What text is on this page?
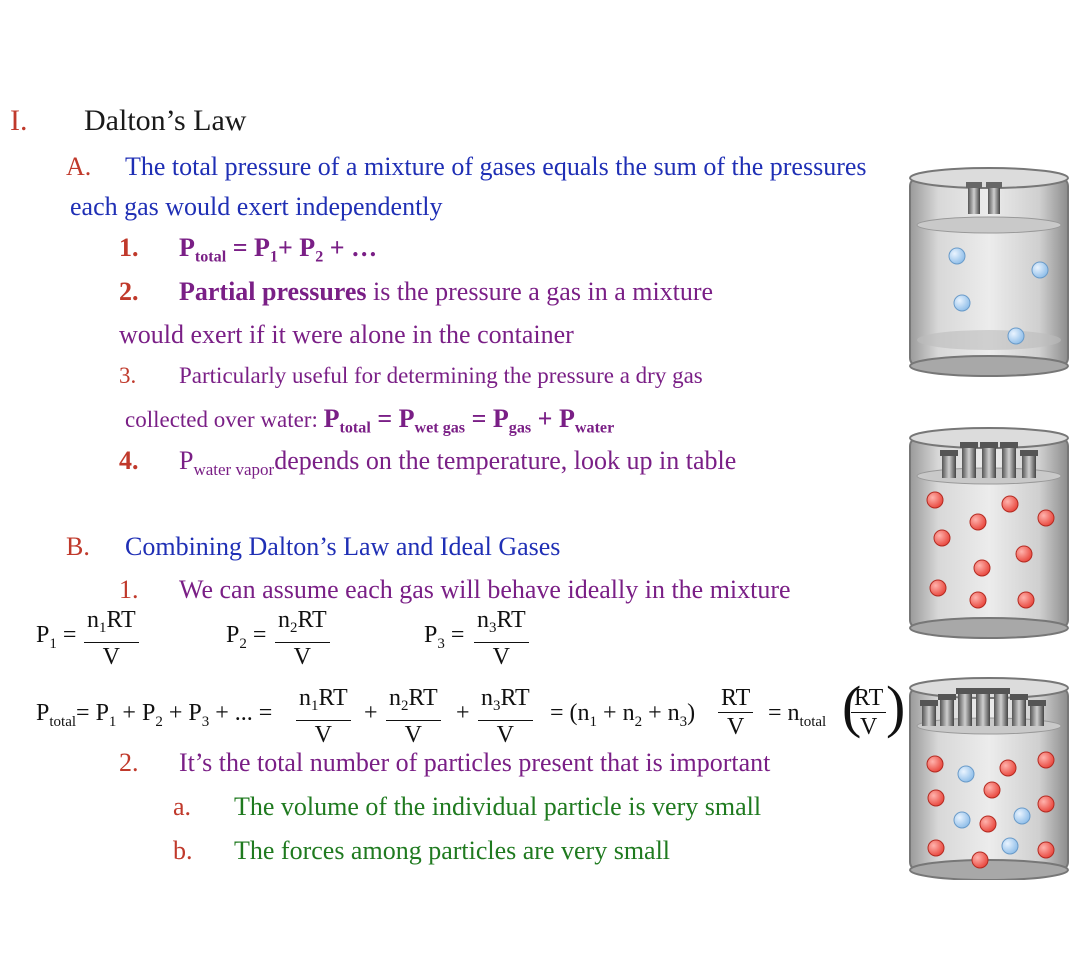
I. Dalton’s Law
A. The total pressure of a mixture of gases equals the sum of the pressures
each gas would exert independently
1. $P_{total} = P_1+ P_2$ + …
2. Partial pressures is the pressure a gas in a mixture
would exert if it were alone in the container
3. Particularly useful for determining the pressure a dry gas
collected over water: $P_{total} = P_{wet gas} = P_{gas} + P_{water}$
4. $P_{water vapor}depends$ on the temperature, look up in table
B. Combining Dalton’s Law and Ideal Gases
1. We can assume each gas will behave ideally in the mixture
$P_1 = \frac{n_1RT}{V}$	$P_2 = \frac{n_2RT}{V}$	$P_3 = \frac{n_3RT}{V}$
$P_{total}= P_1 + P_2 + P_3$ + ... = $\frac{n_1RT}{V} + \frac{n_2RT}{V} + \frac{n_3RT}{V} = (n_1 + n_2 + n_3) \frac{RT}{V} = n_{total}$ (
$\frac{RT}{V}$ )
2. It’s the total number of particles present that is important
a. The volume of the individual particle is very small
b. The forces among particles are very small
